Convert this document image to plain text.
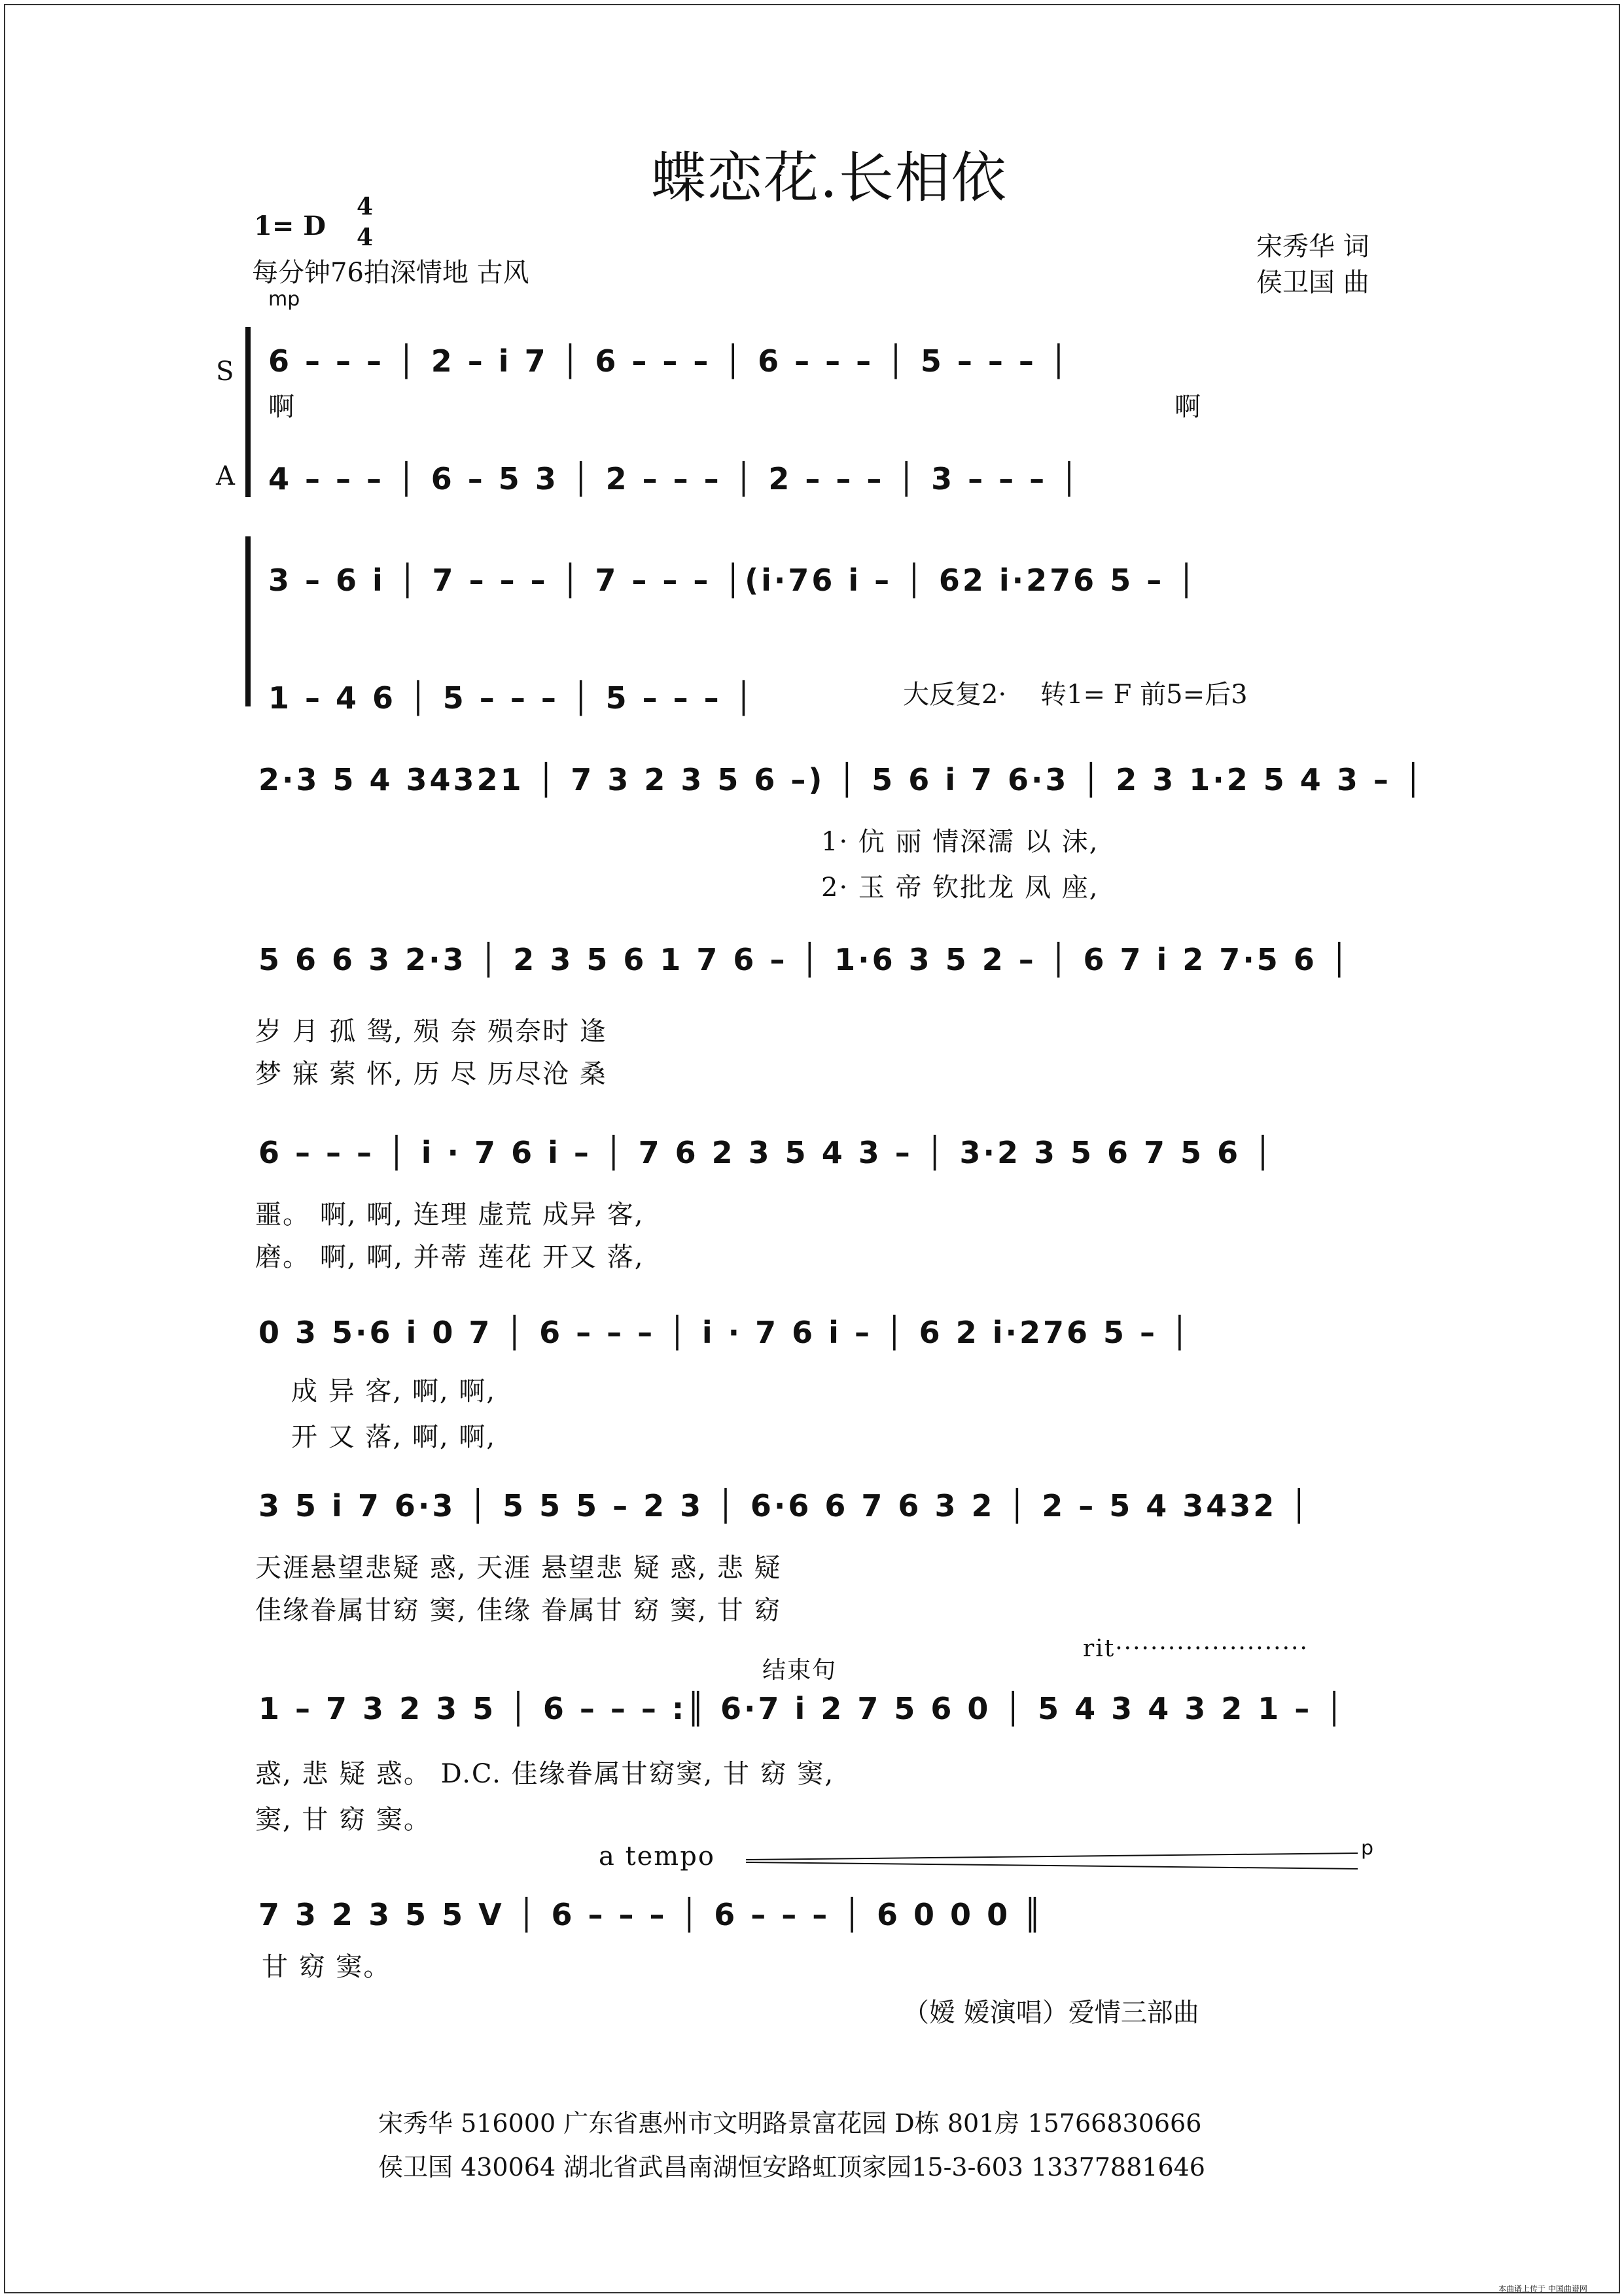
蝶恋花.长相依
1= D
4
4
每分钟76拍深情地 古风
宋秀华 词
侯卫国 曲
mp
S
A
6 – – – │ 2 – i 7 │ 6 – – – │ 6 – – – │ 5 – – – │
啊	啊
4 – – – │ 6 – 5 3 │ 2 – – – │ 2 – – – │ 3 – – – │
3 – 6 i │ 7 – – – │ 7 – – – │(i·76 i – │ 62 i·276 5 – │
1 – 4 6 │ 5 – – – │ 5 – – – │	大反复2· 转1= F 前5=后3
2·3 5 4 34321 │ 7 3 2 3 5 6 –) │ 5 6 i 7 6·3 │ 2 3 1·2 5 4 3 – │
1· 伉 丽 情深濡 以 沫,
2· 玉 帝 钦批龙 凤 座,
5 6 6 3 2·3 │ 2 3 5 6 1 7 6 – │ 1·6 3 5 2 – │ 6 7 i 2 7·5 6 │
岁 月 孤 鸳, 殒 奈 殒奈时 逢
梦 寐 萦 怀, 历 尽 历尽沧 桑
6 – – – │ i · 7 6 i – │ 7 6 2 3 5 4 3 – │ 3·2 3 5 6 7 5 6 │
噩。 啊, 啊, 连理 虚荒 成异 客,
磨。 啊, 啊, 并蒂 莲花 开又 落,
0 3 5·6 i 0 7 │ 6 – – – │ i · 7 6 i – │ 6 2 i·276 5 – │
成 异 客, 啊, 啊,
开 又 落, 啊, 啊,
3 5 i 7 6·3 │ 5 5 5 – 2 3 │ 6·6 6 7 6 3 2 │ 2 – 5 4 3432 │
天涯悬望悲疑 惑, 天涯 悬望悲 疑 惑, 悲 疑
佳缘眷属甘窈 窦, 佳缘 眷属甘 窈 窦, 甘 窈
结束句
rit······················
1 – 7 3 2 3 5 │ 6 – – – :║ 6·7 i 2 7 5 6 0 │ 5 4 3 4 3 2 1 – │
惑, 悲 疑 惑。 D.C. 佳缘眷属甘窈窦, 甘 窈 窦,
窦, 甘 窈 窦。
a tempo	p
7 3 2 3 5 5 V │ 6 – – – │ 6 – – – │ 6 0 0 0 ║
甘 窈 窦。
（嫒 嫒演唱）爱情三部曲
宋秀华 516000 广东省惠州市文明路景富花园 D栋 801房 15766830666
侯卫国 430064 湖北省武昌南湖恒安路虹顶家园15-3-603 13377881646
本曲谱上传于 中国曲谱网
